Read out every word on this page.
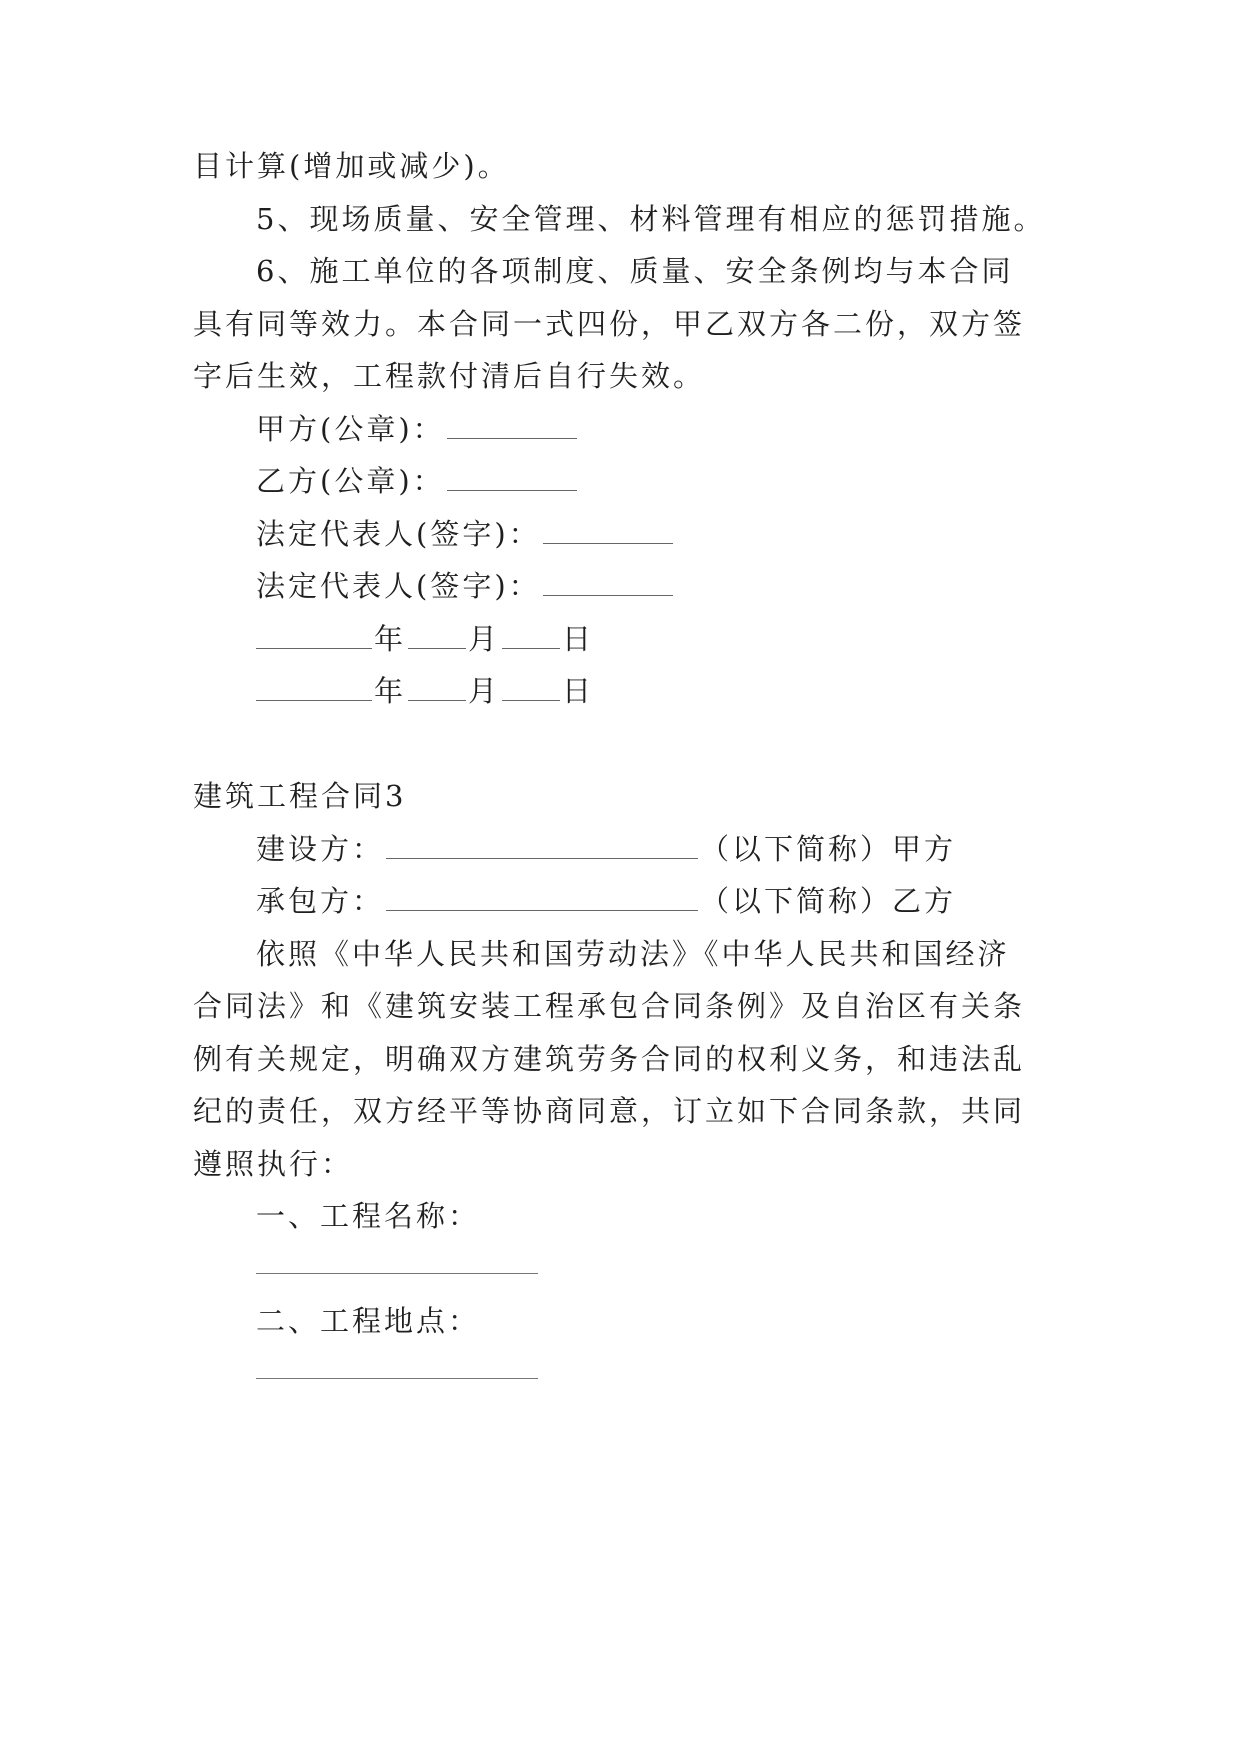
目计算(增加或减少)。
5、现场质量、安全管理、材料管理有相应的惩罚措施。
6、施工单位的各项制度、质量、安全条例均与本合同
具有同等效力。本合同一式四份，甲乙双方各二份，双方签
字后生效，工程款付清后自行失效。
甲方(公章)：
乙方(公章)：
法定代表人(签字)：
法定代表人(签字)：
年 月 日
年 月 日
建筑工程合同3
建设方：	（以下简称）甲方
承包方：	（以下简称）乙方
依照《中华人民共和国劳动法》《中华人民共和国经济
合同法》和《建筑安装工程承包合同条例》及自治区有关条
例有关规定，明确双方建筑劳务合同的权利义务，和违法乱
纪的责任，双方经平等协商同意，订立如下合同条款，共同
遵照执行：
一、工程名称：
二、工程地点：
